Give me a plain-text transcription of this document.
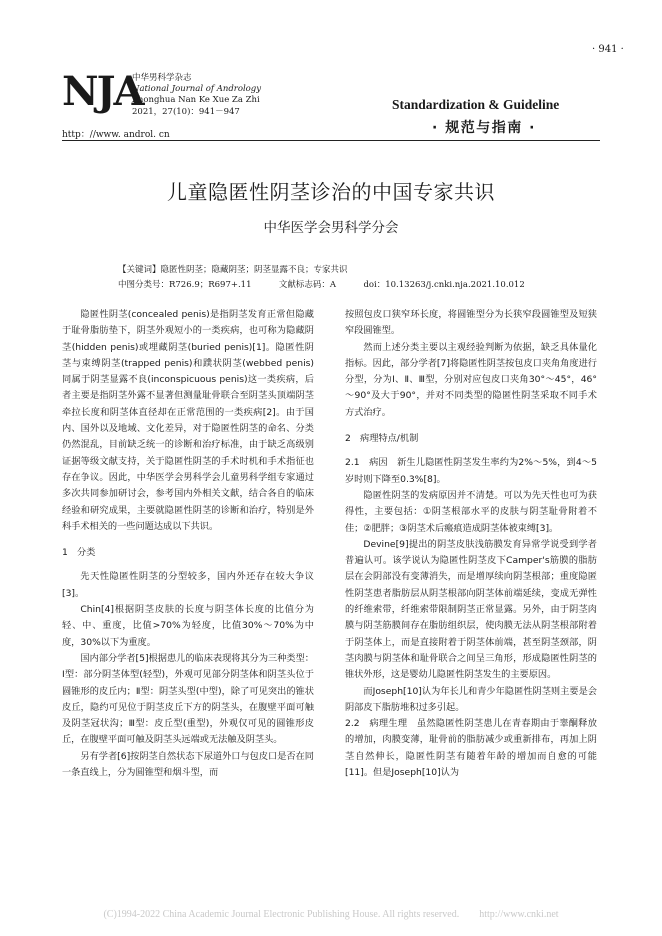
· 941 ·
NJA
中华男科学杂志
National Journal of Andrology
Zhonghua Nan Ke Xue Za Zhi
2021，27(10)：941－947
http：//www. androl. cn
Standardization & Guideline
· 规范与指南 ·
儿童隐匿性阴茎诊治的中国专家共识
中华医学会男科学分会
【关键词】隐匿性阴茎；隐藏阴茎；阴茎显露不良；专家共识
中图分类号：R726.9；R697+.11	文献标志码：A	doi：10.13263/j.cnki.nja.2021.10.012

隐匿性阴茎(concealed penis)是指阴茎发育正常但隐藏于耻骨脂肪垫下，阴茎外观短小的一类疾病，也可称为隐藏阴茎(hidden penis)或埋藏阴茎(buried penis)[1]。隐匿性阴茎与束缚阴茎(trapped penis)和蹼状阴茎(webbed penis)同属于阴茎显露不良(inconspicuous penis)这一类疾病，后者主要是指阴茎外露不显著但测量耻骨联合至阴茎头顶端阴茎牵拉长度和阴茎体直径却在正常范围的一类疾病[2]。由于国内、国外以及地域、文化差异，对于隐匿性阴茎的命名、分类仍然混乱，目前缺乏统一的诊断和治疗标准，由于缺乏高级别证据等级文献支持，关于隐匿性阴茎的手术时机和手术指征也存在争议。因此，中华医学会男科学会儿童男科学组专家通过多次共同参加研讨会，参考国内外相关文献，结合各自的临床经验和研究成果，主要就隐匿性阴茎的诊断和治疗，特别是外科手术相关的一些问题达成以下共识。

1　分类

先天性隐匿性阴茎的分型较多，国内外还存在较大争议[3]。

Chin[4]根据阴茎皮肤的长度与阴茎体长度的比值分为轻、中、重度，比值>70%为轻度，比值30%～70%为中度，30%以下为重度。

国内部分学者[5]根据患儿的临床表现将其分为三种类型：Ⅰ型：部分阴茎体型(轻型)，外观可见部分阴茎体和阴茎头位于圆锥形的皮丘内；Ⅱ型：阴茎头型(中型)，除了可见突出的锥状皮丘，隐约可见位于阴茎皮丘下方的阴茎头，在腹壁平面可触及阴茎冠状沟；Ⅲ型：皮丘型(重型)，外观仅可见的圆锥形皮丘，在腹壁平面可触及阴茎头远端或无法触及阴茎头。

另有学者[6]按阴茎自然状态下尿道外口与包皮口是否在同一条直线上，分为圆锥型和烟斗型，而

按照包皮口狭窄环长度，将圆锥型分为长狭窄段圆锥型及短狭窄段圆锥型。

然而上述分类主要以主观经验判断为依据，缺乏具体量化指标。因此，部分学者[7]将隐匿性阴茎按包皮口夹角角度进行分型，分为Ⅰ、Ⅱ、Ⅲ型，分别对应包皮口夹角30°～45°，46°～90°及大于90°，并对不同类型的隐匿性阴茎采取不同手术方式治疗。

2　病理特点/机制

2.1　病因　新生儿隐匿性阴茎发生率约为2%～5%，到4～5岁时则下降至0.3%[8]。

隐匿性阴茎的发病原因并不清楚。可以为先天性也可为获得性，主要包括：①阴茎根部水平的皮肤与阴茎耻骨附着不佳；②肥胖；③阴茎术后瘢痕造成阴茎体被束缚[3]。

Devine[9]提出的阴茎皮肤浅筋膜发育异常学说受到学者普遍认可。该学说认为隐匿性阴茎皮下Camper's筋膜的脂肪层在会阴部没有变薄消失，而是增厚续向阴茎根部；重度隐匿性阴茎患者脂肪层从阴茎根部向阴茎体前端延续，变成无弹性的纤维索带，纤维索带限制阴茎正常显露。另外，由于阴茎肉膜与阴茎筋膜间存在脂肪组织层，使肉膜无法从阴茎根部附着于阴茎体上，而是直接附着于阴茎体前端，甚至阴茎颈部，阴茎肉膜与阴茎体和耻骨联合之间呈三角形，形成隐匿性阴茎的锥状外形，这是婴幼儿隐匿性阴茎发生的主要原因。

而Joseph[10]认为年长儿和青少年隐匿性阴茎则主要是会阴部皮下脂肪堆积过多引起。

2.2　病理生理　虽然隐匿性阴茎患儿在青春期由于睾酮释放的增加，肉膜变薄，耻骨前的脂肪减少或重新排布，再加上阴茎自然伸长，隐匿性阴茎有随着年龄的增加而自愈的可能[11]。但是Joseph[10]认为

(C)1994-2022 China Academic Journal Electronic Publishing House. All rights reserved.　　http://www.cnki.net
